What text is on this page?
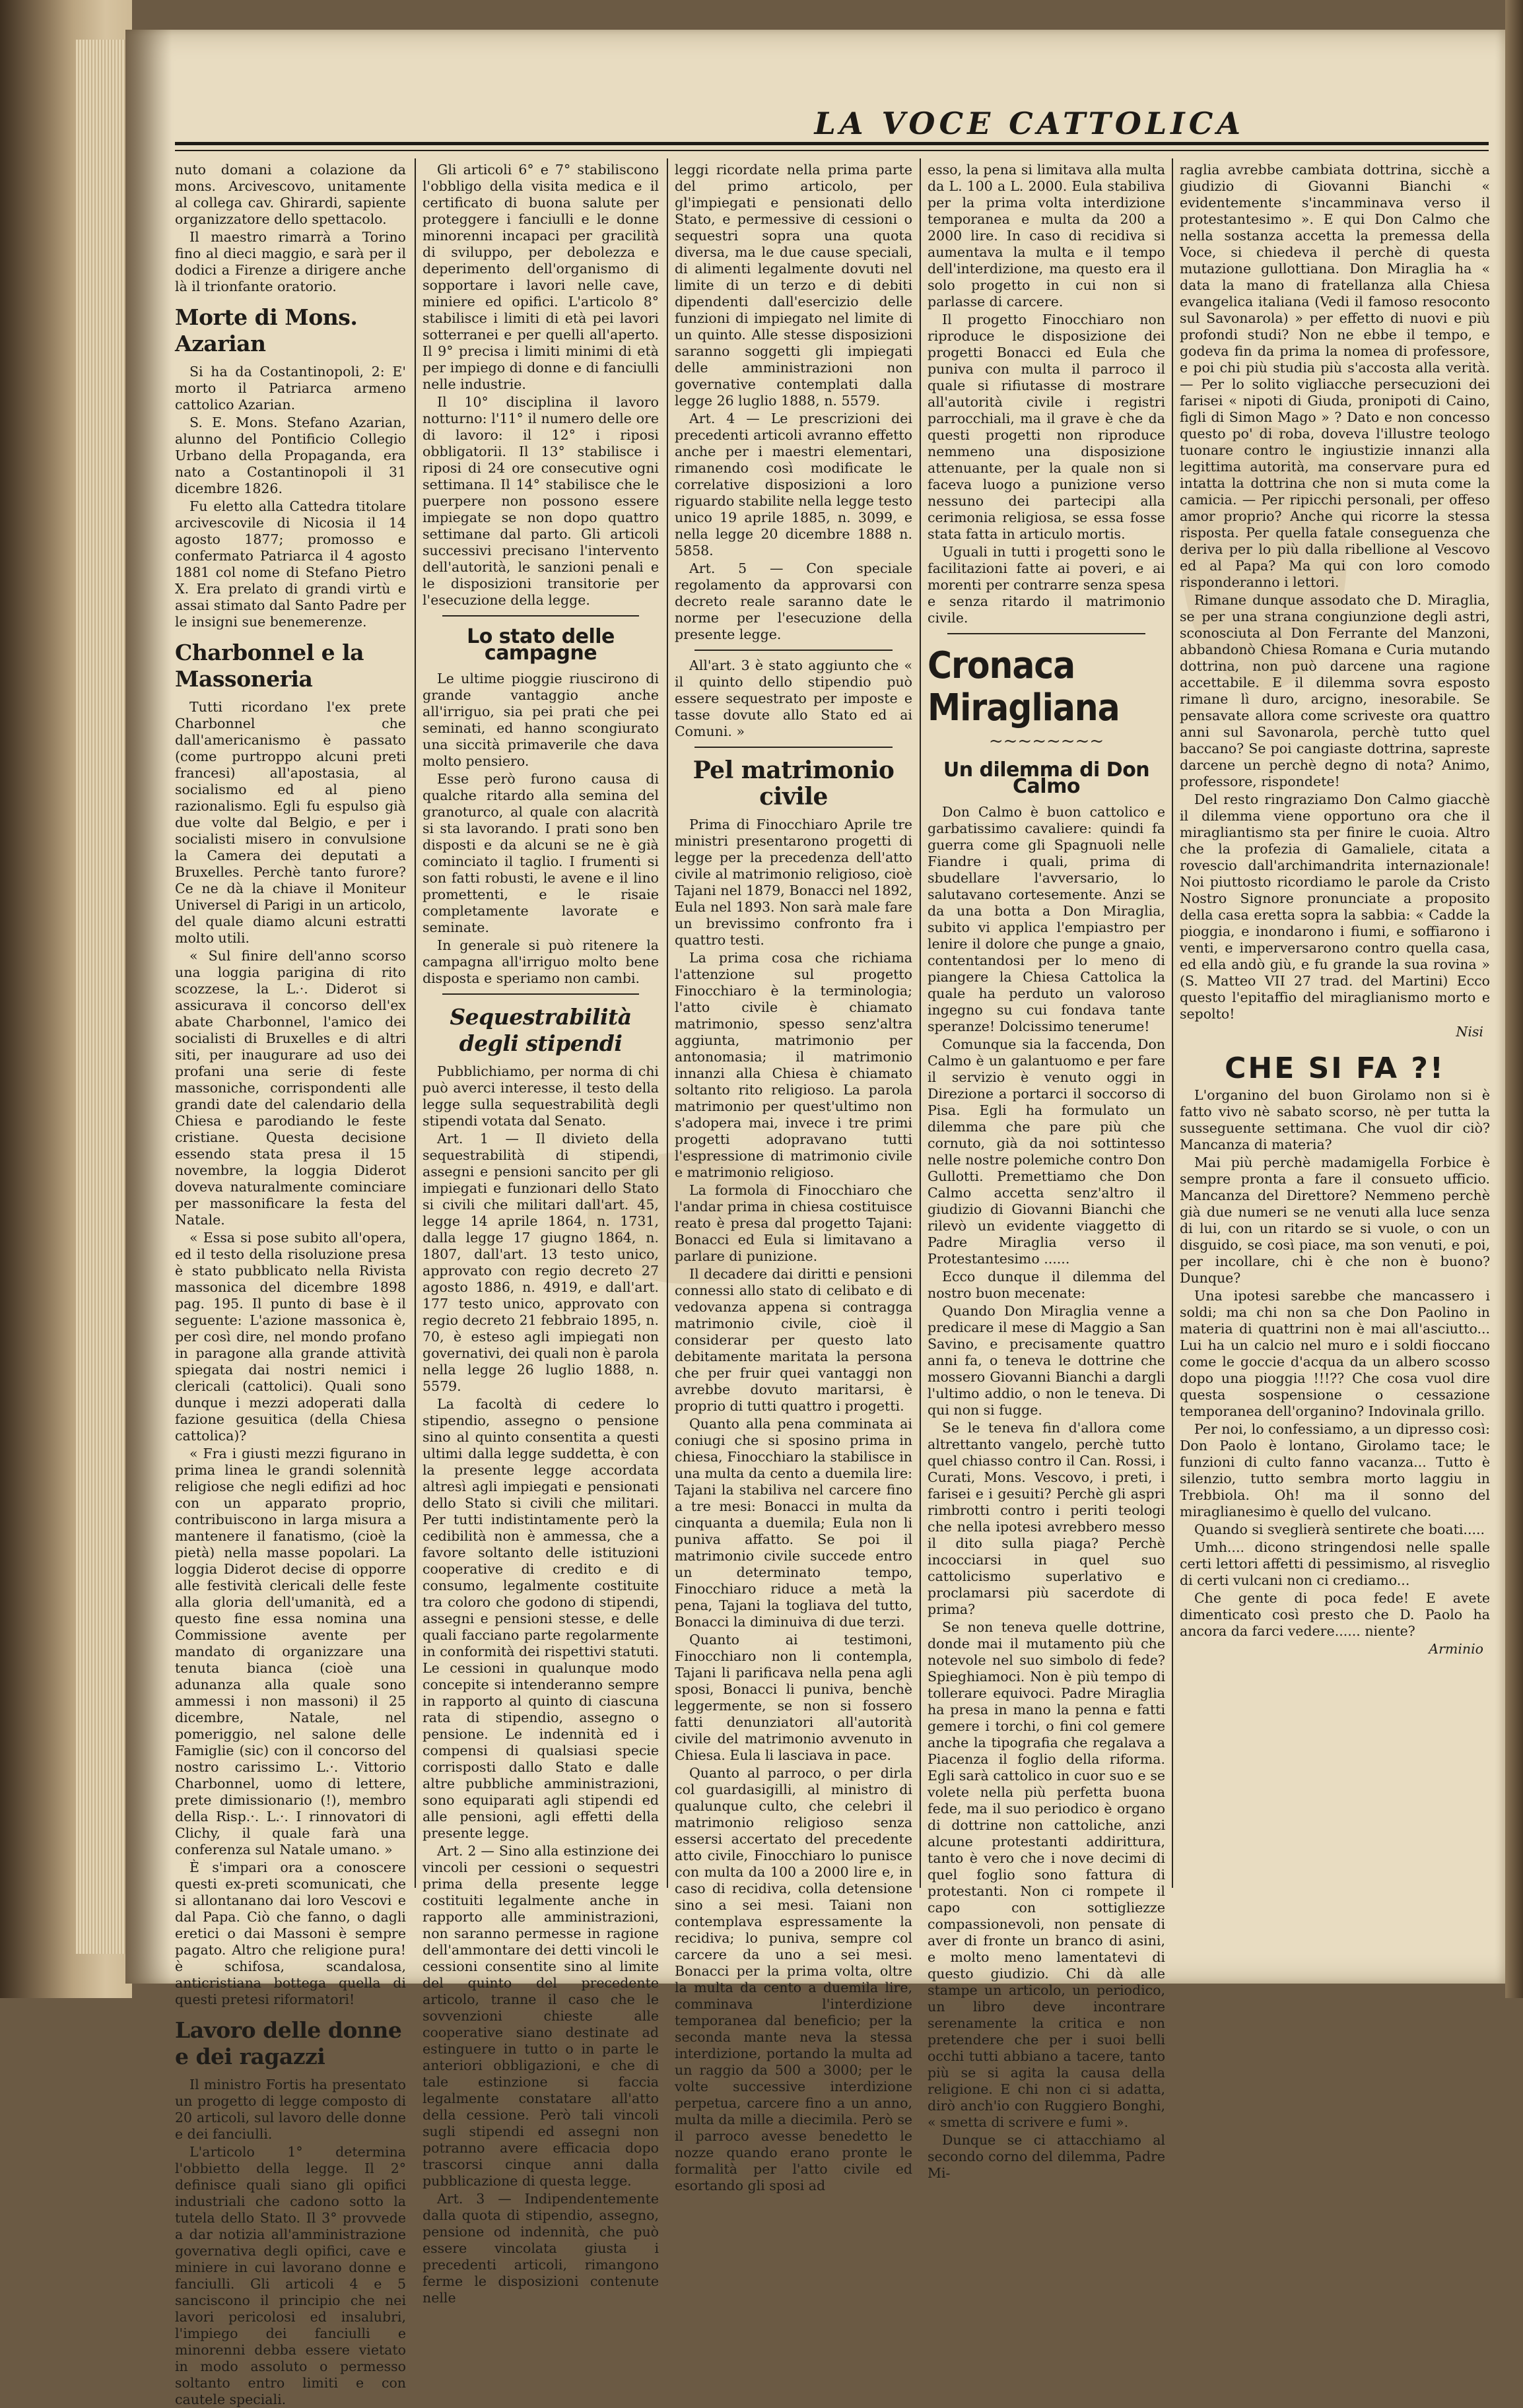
LA VOCE CATTOLICA

nuto domani a colazione da mons. Arcivescovo, unitamente al collega cav. Ghirardi, sapiente organizzatore dello spettacolo.

Il maestro rimarrà a Torino fino al dieci maggio, e sarà per il dodici a Firenze a dirigere anche là il trionfante oratorio.

Morte di Mons. Azarian

Si ha da Costantinopoli, 2: E' morto il Patriarca armeno cattolico Azarian.

S. E. Mons. Stefano Azarian, alunno del Pontificio Collegio Urbano della Propaganda, era nato a Costantinopoli il 31 dicembre 1826.

Fu eletto alla Cattedra titolare arcivescovile di Nicosia il 14 agosto 1877; promosso e confermato Patriarca il 4 agosto 1881 col nome di Stefano Pietro X. Era prelato di grandi virtù e assai stimato dal Santo Padre per le insigni sue benemerenze.

Charbonnel e la Massoneria

Tutti ricordano l'ex prete Charbonnel che dall'americanismo è passato (come purtroppo alcuni preti francesi) all'apostasia, al socialismo ed al pieno razionalismo. Egli fu espulso già due volte dal Belgio, e per i socialisti misero in convulsione la Camera dei deputati a Bruxelles. Perchè tanto furore? Ce ne dà la chiave il Moniteur Universel di Parigi in un articolo, del quale diamo alcuni estratti molto utili.

« Sul finire dell'anno scorso una loggia parigina di rito scozzese, la L.·. Diderot si assicurava il concorso dell'ex abate Charbonnel, l'amico dei socialisti di Bruxelles e di altri siti, per inaugurare ad uso dei profani una serie di feste massoniche, corrispondenti alle grandi date del calendario della Chiesa e parodiando le feste cristiane. Questa decisione essendo stata presa il 15 novembre, la loggia Diderot doveva naturalmente cominciare per massonificare la festa del Natale.

« Essa si pose subito all'opera, ed il testo della risoluzione presa è stato pubblicato nella Rivista massonica del dicembre 1898 pag. 195. Il punto di base è il seguente: L'azione massonica è, per così dire, nel mondo profano in paragone alla grande attività spiegata dai nostri nemici i clericali (cattolici). Quali sono dunque i mezzi adoperati dalla fazione gesuitica (della Chiesa cattolica)?

« Fra i giusti mezzi figurano in prima linea le grandi solennità religiose che negli edifizi ad hoc con un apparato proprio, contribuiscono in larga misura a mantenere il fanatismo, (cioè la pietà) nella masse popolari. La loggia Diderot decise di opporre alle festività clericali delle feste alla gloria dell'umanità, ed a questo fine essa nomina una Commissione avente per mandato di organizzare una tenuta bianca (cioè una adunanza alla quale sono ammessi i non massoni) il 25 dicembre, Natale, nel pomeriggio, nel salone delle Famiglie (sic) con il concorso del nostro carissimo L.·. Vittorio Charbonnel, uomo di lettere, prete dimissionario (!), membro della Risp.·. L.·. I rinnovatori di Clichy, il quale farà una conferenza sul Natale umano. »

È s'impari ora a conoscere questi ex-preti scomunicati, che si allontanano dai loro Vescovi e dal Papa. Ciò che fanno, o dagli eretici o dai Massoni è sempre pagato. Altro che religione pura! è schifosa, scandalosa, anticristiana bottega quella di questi pretesi riformatori!

Lavoro delle donne e dei ragazzi

Il ministro Fortis ha presentato un progetto di legge composto di 20 articoli, sul lavoro delle donne e dei fanciulli.

L'articolo 1° determina l'obbietto della legge. Il 2° definisce quali siano gli opifici industriali che cadono sotto la tutela dello Stato. Il 3° provvede a dar notizia all'amministrazione governativa degli opifici, cave e miniere in cui lavorano donne e fanciulli. Gli articoli 4 e 5 sanciscono il principio che nei lavori pericolosi ed insalubri, l'impiego dei fanciulli e minorenni debba essere vietato in modo assoluto o permesso soltanto entro limiti e con cautele speciali.

Gli articoli 6° e 7° stabiliscono l'obbligo della visita medica e il certificato di buona salute per proteggere i fanciulli e le donne minorenni incapaci per gracilità di sviluppo, per debolezza e deperimento dell'organismo di sopportare i lavori nelle cave, miniere ed opifici. L'articolo 8° stabilisce i limiti di età pei lavori sotterranei e per quelli all'aperto. Il 9° precisa i limiti minimi di età per impiego di donne e di fanciulli nelle industrie.

Il 10° disciplina il lavoro notturno: l'11° il numero delle ore di lavoro: il 12° i riposi obbligatorii. Il 13° stabilisce i riposi di 24 ore consecutive ogni settimana. Il 14° stabilisce che le puerpere non possono essere impiegate se non dopo quattro settimane dal parto. Gli articoli successivi precisano l'intervento dell'autorità, le sanzioni penali e le disposizioni transitorie per l'esecuzione della legge.

Lo stato delle campagne

Le ultime pioggie riuscirono di grande vantaggio anche all'irriguo, sia pei prati che pei seminati, ed hanno scongiurato una siccità primaverile che dava molto pensiero.

Esse però furono causa di qualche ritardo alla semina del granoturco, al quale con alacrità si sta lavorando. I prati sono ben disposti e da alcuni se ne è già cominciato il taglio. I frumenti si son fatti robusti, le avene e il lino promettenti, e le risaie completamente lavorate e seminate.

In generale si può ritenere la campagna all'irriguo molto bene disposta e speriamo non cambi.

Sequestrabilità degli stipendi

Pubblichiamo, per norma di chi può averci interesse, il testo della legge sulla sequestrabilità degli stipendi votata dal Senato.

Art. 1 — Il divieto della sequestrabilità di stipendi, assegni e pensioni sancito per gli impiegati e funzionari dello Stato si civili che militari dall'art. 45, legge 14 aprile 1864, n. 1731, dalla legge 17 giugno 1864, n. 1807, dall'art. 13 testo unico, approvato con regio decreto 27 agosto 1886, n. 4919, e dall'art. 177 testo unico, approvato con regio decreto 21 febbraio 1895, n. 70, è esteso agli impiegati non governativi, dei quali non è parola nella legge 26 luglio 1888, n. 5579.

La facoltà di cedere lo stipendio, assegno o pensione sino al quinto consentita a questi ultimi dalla legge suddetta, è con la presente legge accordata altresì agli impiegati e pensionati dello Stato si civili che militari. Per tutti indistintamente però la cedibilità non è ammessa, che a favore soltanto delle istituzioni cooperative di credito e di consumo, legalmente costituite tra coloro che godono di stipendi, assegni e pensioni stesse, e delle quali facciano parte regolarmente in conformità dei rispettivi statuti. Le cessioni in qualunque modo concepite si intenderanno sempre in rapporto al quinto di ciascuna rata di stipendio, assegno o pensione. Le indennità ed i compensi di qualsiasi specie corrisposti dallo Stato e dalle altre pubbliche amministrazioni, sono equiparati agli stipendi ed alle pensioni, agli effetti della presente legge.

Art. 2 — Sino alla estinzione dei vincoli per cessioni o sequestri prima della presente legge costituiti legalmente anche in rapporto alle amministrazioni, non saranno permesse in ragione dell'ammontare dei detti vincoli le cessioni consentite sino al limite del quinto del precedente articolo, tranne il caso che le sovvenzioni chieste alle cooperative siano destinate ad estinguere in tutto o in parte le anteriori obbligazioni, e che di tale estinzione si faccia legalmente constatare all'atto della cessione. Però tali vincoli sugli stipendi ed assegni non potranno avere efficacia dopo trascorsi cinque anni dalla pubblicazione di questa legge.

Art. 3 — Indipendentemente dalla quota di stipendio, assegno, pensione od indennità, che può essere vincolata giusta i precedenti articoli, rimangono ferme le disposizioni contenute nelle

leggi ricordate nella prima parte del primo articolo, per gl'impiegati e pensionati dello Stato, e permessive di cessioni o sequestri sopra una quota diversa, ma le due cause speciali, di alimenti legalmente dovuti nel limite di un terzo e di debiti dipendenti dall'esercizio delle funzioni di impiegato nel limite di un quinto. Alle stesse disposizioni saranno soggetti gli impiegati delle amministrazioni non governative contemplati dalla legge 26 luglio 1888, n. 5579.

Art. 4 — Le prescrizioni dei precedenti articoli avranno effetto anche per i maestri elementari, rimanendo così modificate le correlative disposizioni a loro riguardo stabilite nella legge testo unico 19 aprile 1885, n. 3099, e nella legge 20 dicembre 1888 n. 5858.

Art. 5 — Con speciale regolamento da approvarsi con decreto reale saranno date le norme per l'esecuzione della presente legge.

All'art. 3 è stato aggiunto che « il quinto dello stipendio può essere sequestrato per imposte e tasse dovute allo Stato ed ai Comuni. »

Pel matrimonio civile

Prima di Finocchiaro Aprile tre ministri presentarono progetti di legge per la precedenza dell'atto civile al matrimonio religioso, cioè Tajani nel 1879, Bonacci nel 1892, Eula nel 1893. Non sarà male fare un brevissimo confronto fra i quattro testi.

La prima cosa che richiama l'attenzione sul progetto Finocchiaro è la terminologia; l'atto civile è chiamato matrimonio, spesso senz'altra aggiunta, matrimonio per antonomasia; il matrimonio innanzi alla Chiesa è chiamato soltanto rito religioso. La parola matrimonio per quest'ultimo non s'adopera mai, invece i tre primi progetti adopravano tutti l'espressione di matrimonio civile e matrimonio religioso.

La formola di Finocchiaro che l'andar prima in chiesa costituisce reato è presa dal progetto Tajani: Bonacci ed Eula si limitavano a parlare di punizione.

Il decadere dai diritti e pensioni connessi allo stato di celibato e di vedovanza appena si contragga matrimonio civile, cioè il considerar per questo lato debitamente maritata la persona che per fruir quei vantaggi non avrebbe dovuto maritarsi, è proprio di tutti quattro i progetti.

Quanto alla pena comminata ai coniugi che si sposino prima in chiesa, Finocchiaro la stabilisce in una multa da cento a duemila lire: Tajani la stabiliva nel carcere fino a tre mesi: Bonacci in multa da cinquanta a duemila; Eula non li puniva affatto. Se poi il matrimonio civile succede entro un determinato tempo, Finocchiaro riduce a metà la pena, Tajani la togliava del tutto, Bonacci la diminuiva di due terzi.

Quanto ai testimoni, Finocchiaro non li contempla, Tajani li parificava nella pena agli sposi, Bonacci li puniva, benchè leggermente, se non si fossero fatti denunziatori all'autorità civile del matrimonio avvenuto in Chiesa. Eula li lasciava in pace.

Quanto al parroco, o per dirla col guardasigilli, al ministro di qualunque culto, che celebri il matrimonio religioso senza essersi accertato del precedente atto civile, Finocchiaro lo punisce con multa da 100 a 2000 lire e, in caso di recidiva, colla detensione sino a sei mesi. Taiani non contemplava espressamente la recidiva; lo puniva, sempre col carcere da uno a sei mesi. Bonacci per la prima volta, oltre la multa da cento a duemila lire, comminava l'interdizione temporanea dal beneficio; per la seconda mante neva la stessa interdizione, portando la multa ad un raggio da 500 a 3000; per le volte successive interdizione perpetua, carcere fino a un anno, multa da mille a diecimila. Però se il parroco avesse benedetto le nozze quando erano pronte le formalità per l'atto civile ed esortando gli sposi ad

esso, la pena si limitava alla multa da L. 100 a L. 2000. Eula stabiliva per la prima volta interdizione temporanea e multa da 200 a 2000 lire. In caso di recidiva si aumentava la multa e il tempo dell'interdizione, ma questo era il solo progetto in cui non si parlasse di carcere.

Il progetto Finocchiaro non riproduce le disposizione dei progetti Bonacci ed Eula che puniva con multa il parroco il quale si rifiutasse di mostrare all'autorità civile i registri parrocchiali, ma il grave è che da questi progetti non riproduce nemmeno una disposizione attenuante, per la quale non si faceva luogo a punizione verso nessuno dei partecipi alla cerimonia religiosa, se essa fosse stata fatta in articulo mortis.

Uguali in tutti i progetti sono le facilitazioni fatte ai poveri, e ai morenti per contrarre senza spesa e senza ritardo il matrimonio civile.

Cronaca Miragliana
~~~~~~~~
Un dilemma di Don Calmo

Don Calmo è buon cattolico e garbatissimo cavaliere: quindi fa guerra come gli Spagnuoli nelle Fiandre i quali, prima di sbudellare l'avversario, lo salutavano cortesemente. Anzi se da una botta a Don Miraglia, subito vi applica l'empiastro per lenire il dolore che punge a gnaio, contentandosi per lo meno di piangere la Chiesa Cattolica la quale ha perduto un valoroso ingegno su cui fondava tante speranze! Dolcissimo tenerume!

Comunque sia la faccenda, Don Calmo è un galantuomo e per fare il servizio è venuto oggi in Direzione a portarci il soccorso di Pisa. Egli ha formulato un dilemma che pare più che cornuto, già da noi sottintesso nelle nostre polemiche contro Don Gullotti. Premettiamo che Don Calmo accetta senz'altro il giudizio di Giovanni Bianchi che rilevò un evidente viaggetto di Padre Miraglia verso il Protestantesimo ......

Ecco dunque il dilemma del nostro buon mecenate:

Quando Don Miraglia venne a predicare il mese di Maggio a San Savino, e precisamente quattro anni fa, o teneva le dottrine che mossero Giovanni Bianchi a dargli l'ultimo addio, o non le teneva. Di qui non si fugge.

Se le teneva fin d'allora come altrettanto vangelo, perchè tutto quel chiasso contro il Can. Rossi, i Curati, Mons. Vescovo, i preti, i farisei e i gesuiti? Perchè gli aspri rimbrotti contro i periti teologi che nella ipotesi avrebbero messo il dito sulla piaga? Perchè incocciarsi in quel suo cattolicismo superlativo e proclamarsi più sacerdote di prima?

Se non teneva quelle dottrine, donde mai il mutamento più che notevole nel suo simbolo di fede? Spieghiamoci. Non è più tempo di tollerare equivoci. Padre Miraglia ha presa in mano la penna e fatti gemere i torchi, o fini col gemere anche la tipografia che regalava a Piacenza il foglio della riforma. Egli sarà cattolico in cuor suo e se volete nella più perfetta buona fede, ma il suo periodico è organo di dottrine non cattoliche, anzi alcune protestanti addirittura, tanto è vero che i nove decimi di quel foglio sono fattura di protestanti. Non ci rompete il capo con sottigliezze compassionevoli, non pensate di aver di fronte un branco di asini, e molto meno lamentatevi di questo giudizio. Chi dà alle stampe un articolo, un periodico, un libro deve incontrare serenamente la critica e non pretendere che per i suoi belli occhi tutti abbiano a tacere, tanto più se si agita la causa della religione. E chi non ci si adatta, dirò anch'io con Ruggiero Bonghi, « smetta di scrivere e fumi ».

Dunque se ci attacchiamo al secondo corno del dilemma, Padre Mi-

raglia avrebbe cambiata dottrina, sicchè a giudizio di Giovanni Bianchi « evidentemente s'incamminava verso il protestantesimo ». E qui Don Calmo che nella sostanza accetta la premessa della Voce, si chiedeva il perchè di questa mutazione gullottiana. Don Miraglia ha « data la mano di fratellanza alla Chiesa evangelica italiana (Vedi il famoso resoconto sul Savonarola) » per effetto di nuovi e più profondi studi? Non ne ebbe il tempo, e godeva fin da prima la nomea di professore, e poi chi più studia più s'accosta alla verità. — Per lo solito vigliacche persecuzioni dei farisei « nipoti di Giuda, pronipoti di Caino, figli di Simon Mago » ? Dato e non concesso questo po' di roba, doveva l'illustre teologo tuonare contro le ingiustizie innanzi alla legittima autorità, ma conservare pura ed intatta la dottrina che non si muta come la camicia. — Per ripicchi personali, per offeso amor proprio? Anche qui ricorre la stessa risposta. Per quella fatale conseguenza che deriva per lo più dalla ribellione al Vescovo ed al Papa? Ma qui con loro comodo risponderanno i lettori.

Rimane dunque assodato che D. Miraglia, se per una strana congiunzione degli astri, sconosciuta al Don Ferrante del Manzoni, abbandonò Chiesa Romana e Curia mutando dottrina, non può darcene una ragione accettabile. E il dilemma sovra esposto rimane lì duro, arcigno, inesorabile. Se pensavate allora come scriveste ora quattro anni sul Savonarola, perchè tutto quel baccano? Se poi cangiaste dottrina, sapreste darcene un perchè degno di nota? Animo, professore, rispondete!

Del resto ringraziamo Don Calmo giacchè il dilemma viene opportuno ora che il miragliantismo sta per finire le cuoia. Altro che la profezia di Gamaliele, citata a rovescio dall'archimandrita internazionale! Noi piuttosto ricordiamo le parole da Cristo Nostro Signore pronunciate a proposito della casa eretta sopra la sabbia: « Cadde la pioggia, e inondarono i fiumi, e soffiarono i venti, e imperversarono contro quella casa, ed ella andò giù, e fu grande la sua rovina » (S. Matteo VII 27 trad. del Martini) Ecco questo l'epitaffio del miraglianismo morto e sepolto!

Nisi
CHE SI FA ?!

L'organino del buon Girolamo non si è fatto vivo nè sabato scorso, nè per tutta la susseguente settimana. Che vuol dir ciò? Mancanza di materia?

Mai più perchè madamigella Forbice è sempre pronta a fare il consueto ufficio. Mancanza del Direttore? Nemmeno perchè già due numeri se ne venuti alla luce senza di lui, con un ritardo se si vuole, o con un disguido, se così piace, ma son venuti, e poi, per incollare, chi è che non è buono? Dunque?

Una ipotesi sarebbe che mancassero i soldi; ma chi non sa che Don Paolino in materia di quattrini non è mai all'asciutto... Lui ha un calcio nel muro e i soldi fioccano come le goccie d'acqua da un albero scosso dopo una pioggia !!!?? Che cosa vuol dire questa sospensione o cessazione temporanea dell'organino? Indovinala grillo.

Per noi, lo confessiamo, a un dipresso così: Don Paolo è lontano, Girolamo tace; le funzioni di culto fanno vacanza... Tutto è silenzio, tutto sembra morto laggiu in Trebbiola. Oh! ma il sonno del miraglianesimo è quello del vulcano.

Quando si sveglierà sentirete che boati.....

Umh.... dicono stringendosi nelle spalle certi lettori affetti di pessimismo, al risveglio di certi vulcani non ci crediamo...

Che gente di poca fede! E avete dimenticato così presto che D. Paolo ha ancora da farci vedere...... niente?

Arminio
